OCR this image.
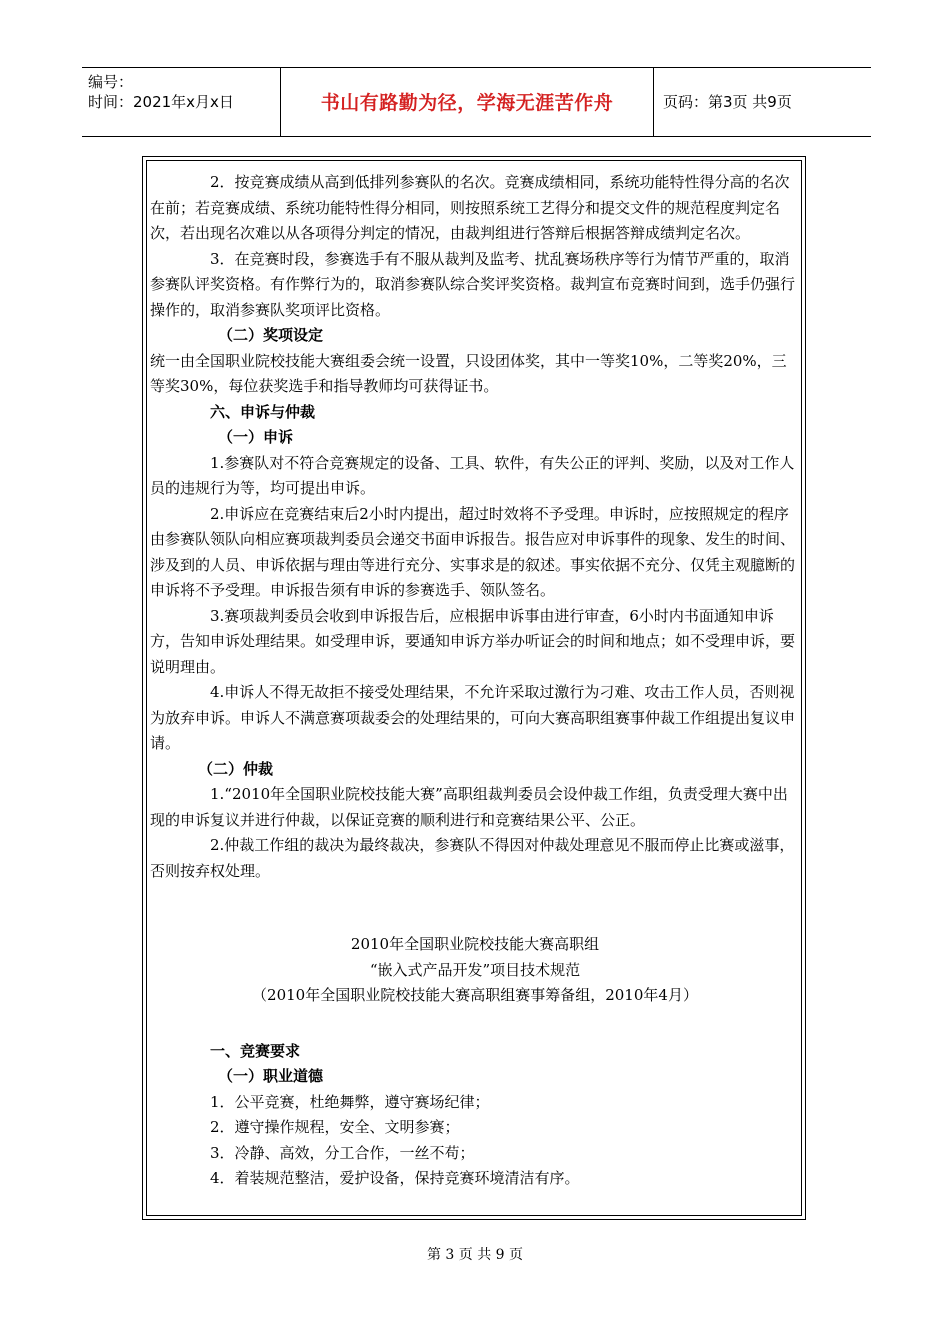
编号：
时间：2021年x月x日	书山有路勤为径，学海无涯苦作舟	页码：第3页 共9页

2．按竞赛成绩从高到低排列参赛队的名次。竞赛成绩相同，系统功能特性得分高的名次在前；若竞赛成绩、系统功能特性得分相同，则按照系统工艺得分和提交文件的规范程度判定名次，若出现名次难以从各项得分判定的情况，由裁判组进行答辩后根据答辩成绩判定名次。

3．在竞赛时段，参赛选手有不服从裁判及监考、扰乱赛场秩序等行为情节严重的，取消参赛队评奖资格。有作弊行为的，取消参赛队综合奖评奖资格。裁判宣布竞赛时间到，选手仍强行操作的，取消参赛队奖项评比资格。

（二）奖项设定

统一由全国职业院校技能大赛组委会统一设置，只设团体奖，其中一等奖10%，二等奖20%，三等奖30%，每位获奖选手和指导教师均可获得证书。

六、申诉与仲裁

（一）申诉

1.参赛队对不符合竞赛规定的设备、工具、软件，有失公正的评判、奖励，以及对工作人员的违规行为等，均可提出申诉。

2.申诉应在竞赛结束后2小时内提出，超过时效将不予受理。申诉时，应按照规定的程序由参赛队领队向相应赛项裁判委员会递交书面申诉报告。报告应对申诉事件的现象、发生的时间、涉及到的人员、申诉依据与理由等进行充分、实事求是的叙述。事实依据不充分、仅凭主观臆断的申诉将不予受理。申诉报告须有申诉的参赛选手、领队签名。

3.赛项裁判委员会收到申诉报告后，应根据申诉事由进行审查，6小时内书面通知申诉方，告知申诉处理结果。如受理申诉，要通知申诉方举办听证会的时间和地点；如不受理申诉，要说明理由。

4.申诉人不得无故拒不接受处理结果，不允许采取过激行为刁难、攻击工作人员，否则视为放弃申诉。申诉人不满意赛项裁委会的处理结果的，可向大赛高职组赛事仲裁工作组提出复议申请。

（二）仲裁

1.“2010年全国职业院校技能大赛”高职组裁判委员会设仲裁工作组，负责受理大赛中出现的申诉复议并进行仲裁，以保证竞赛的顺利进行和竞赛结果公平、公正。

2.仲裁工作组的裁决为最终裁决，参赛队不得因对仲裁处理意见不服而停止比赛或滋事，否则按弃权处理。

2010年全国职业院校技能大赛高职组

“嵌入式产品开发”项目技术规范

（2010年全国职业院校技能大赛高职组赛事筹备组，2010年4月）

一、竞赛要求

（一）职业道德

1．公平竞赛，杜绝舞弊，遵守赛场纪律；

2．遵守操作规程，安全、文明参赛；

3．冷静、高效，分工合作，一丝不苟；

4．着装规范整洁，爱护设备，保持竞赛环境清洁有序。

第 3 页 共 9 页
